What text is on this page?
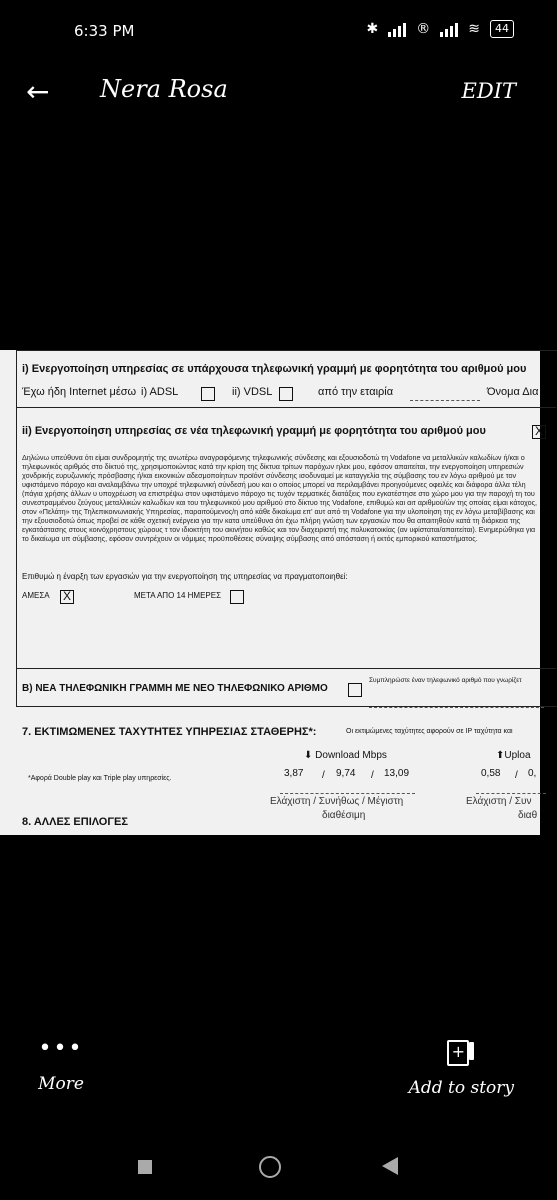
6:33 PM	✱	®	≋	44
← Nera Rosa	EDIT
i) Ενεργοποίηση υπηρεσίας σε υπάρχουσα τηλεφωνική γραμμή με φορητότητα του αριθμού μου
Έχω ήδη Internet μέσω i) ADSL	ii) VDSL	από την εταιρία	Όνομα Δια
ii) Ενεργοποίηση υπηρεσίας σε νέα τηλεφωνική γραμμή με φορητότητα του αριθμού μου	X
Δηλώνω υπεύθυνα ότι είμαι συνδρομητής της ανωτέρω αναγραφόμενης τηλεφωνικής σύνδεσης και εξουσιοδοτώ τη Vodafone να μεταλλικών καλωδίων ή/και ο τηλεφωνικός αριθμός στο δίκτυό της, χρησιμοποιώντας κατά την κρίση της δίκτυα τρίτων παρόχων ηλεκ μου, εφόσον απαιτείται, την ενεργοποίηση υπηρεσιών χονδρικής ευρυζωνικής πρόσβασης ή/και εικονικών αδεσμοποίητων προϊόντ σύνδεσης ισοδυναμεί με καταγγελία της σύμβασης του εν λόγω αριθμού με τον υφιστάμενο πάροχο και αναλαμβάνω την υποχρέ τηλεφωνική σύνδεσή μου και ο οποίος μπορεί να περιλαμβάνει προηγούμενες οφειλές και διάφορα άλλα τέλη (πάγια χρήσης άλλων υ υποχρέωση να επιστρέψω στον υφιστάμενο πάροχο τις τυχόν τερματικές διατάξεις που εγκατέστησε στο χώρο μου για την παροχή τη του συνεστραμμένου ζεύγους μεταλλικών καλωδίων και του τηλεφωνικού μου αριθμού στο δίκτυο της Vodafone, επιθυμώ και αιτ αριθμού/ών της οποίας είμαι κάτοχος, στον «Πελάτη» της Τηλεπικοινωνιακής Υπηρεσίας, παραιτούμενος/η από κάθε δικαίωμα επ' αυτ από τη Vodafone για την υλοποίηση της εν λόγω μεταβίβασης και την εξουσιοδοτώ όπως προβεί σε κάθε σχετική ενέργεια για την κατα υπεύθυνα ότι έχω πλήρη γνώση των εργασιών που θα απαιτηθούν κατά τη διάρκεια της εγκατάστασης στους κοινόχρηστους χώρους τ τον ιδιοκτήτη του ακινήτου καθώς και τον διαχειριστή της πολυκατοικίας (αν υφίσταται/απαιτείται). Ενημερώθηκα για το δικαίωμα υπ σύμβασης, εφόσον συντρέχουν οι νόμιμες προϋποθέσεις σύναψης σύμβασης από απόσταση ή εκτός εμπορικού καταστήματος.
Επιθυμώ η έναρξη των εργασιών για την ενεργοποίηση της υπηρεσίας να πραγματοποιηθεί:
ΑΜΕΣΑ X	ΜΕΤΑ ΑΠΟ 14 ΗΜΕΡΕΣ
Β) ΝΕΑ ΤΗΛΕΦΩΝΙΚΗ ΓΡΑΜΜΗ ΜΕ ΝΕΟ ΤΗΛΕΦΩΝΙΚΟ ΑΡΙΘΜΟ
Συμπληρώστε έναν τηλεφωνικό αριθμό που γνωρίζετ
7. ΕΚΤΙΜΩΜΕΝΕΣ ΤΑΧΥΤΗΤΕΣ ΥΠΗΡΕΣΙΑΣ ΣΤΑΘΕΡΗΣ*:	Οι εκτιμώμενες ταχύτητες αφορούν σε IP ταχύτητα και
⬇ Download Mbps	⬆Uploa
*Αφορά Double play και Triple play υπηρεσίες.	3,87 / 9,74 / 13,09	0,58 / 0,
Ελάχιστη / Συνήθως / Μέγιστη
διαθέσιμη
Ελάχιστη / Συν
διαθ
8. ΑΛΛΕΣ ΕΠΙΛΟΓΕΣ
•••
More
+
Add to story
